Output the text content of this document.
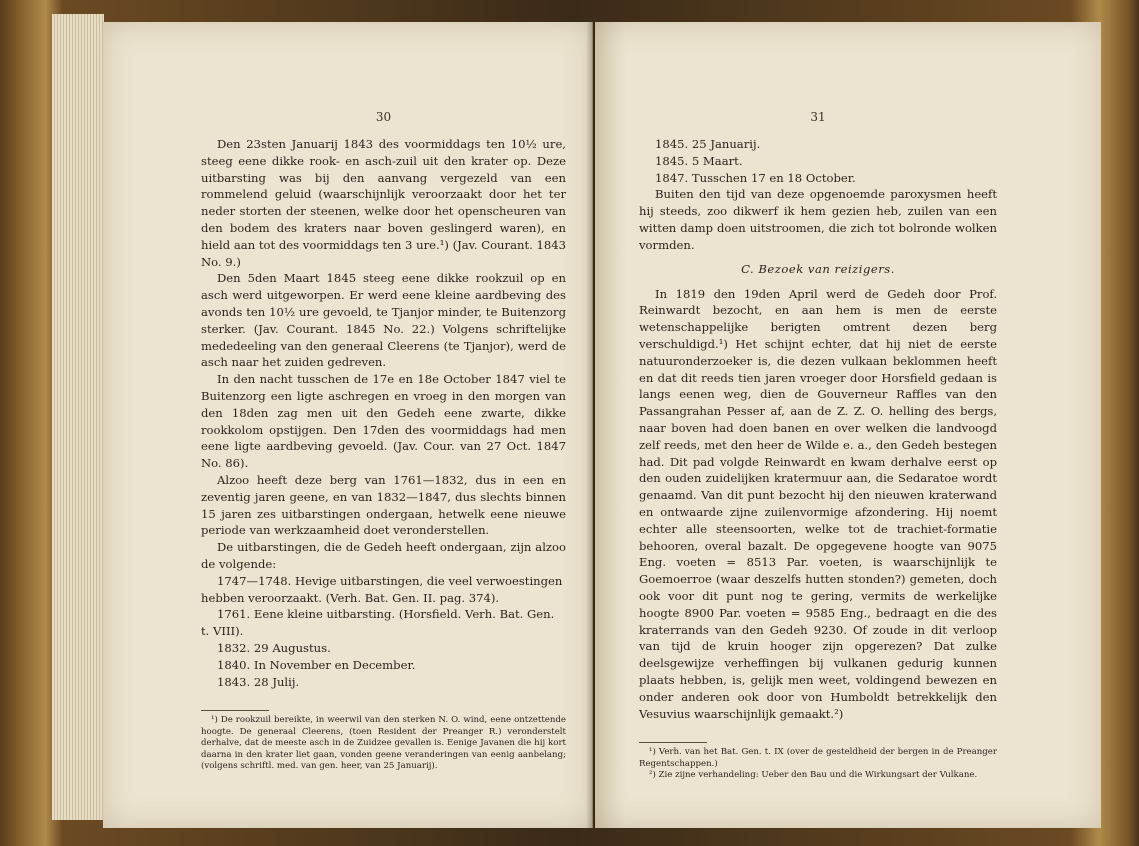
30

Den 23sten Januarij 1843 des voormiddags ten 10½ ure, steeg eene dikke rook- en asch-zuil uit den krater op. Deze uitbarsting was bij den aanvang vergezeld van een rommelend geluid (waarschijnlijk veroorzaakt door het ter neder storten der steenen, welke door het openscheuren van den bodem des kraters naar boven geslingerd waren), en hield aan tot des voormiddags ten 3 ure.¹) (Jav. Courant. 1843 No. 9.)

Den 5den Maart 1845 steeg eene dikke rookzuil op en asch werd uitgeworpen. Er werd eene kleine aardbeving des avonds ten 10½ ure gevoeld, te Tjanjor minder, te Buitenzorg sterker. (Jav. Courant. 1845 No. 22.) Volgens schriftelijke mededeeling van den generaal Cleerens (te Tjanjor), werd de asch naar het zuiden gedreven.

In den nacht tusschen de 17e en 18e October 1847 viel te Buitenzorg een ligte aschregen en vroeg in den morgen van den 18den zag men uit den Gedeh eene zwarte, dikke rookkolom opstijgen. Den 17den des voormiddags had men eene ligte aardbeving gevoeld. (Jav. Cour. van 27 Oct. 1847 No. 86).

Alzoo heeft deze berg van 1761—1832, dus in een en zeventig jaren geene, en van 1832—1847, dus slechts binnen 15 jaren zes uitbarstingen ondergaan, hetwelk eene nieuwe periode van werkzaamheid doet veronderstellen.

De uitbarstingen, die de Gedeh heeft ondergaan, zijn alzoo de volgende:

1747—1748. Hevige uitbarstingen, die veel verwoestingen hebben veroorzaakt. (Verh. Bat. Gen. II. pag. 374).

1761. Eene kleine uitbarsting. (Horsfield. Verh. Bat. Gen. t. VIII).

1832. 29 Augustus.

1840. In November en December.

1843. 28 Julij.

¹) De rookzuil bereikte, in weerwil van den sterken N. O. wind, eene ontzettende hoogte. De generaal Cleerens, (toen Resident der Preanger R.) veronderstelt derhalve, dat de meeste asch in de Zuidzee gevallen is. Eenige Javanen die hij kort daarna in den krater liet gaan, vonden geene veranderingen van eenig aanbelang; (volgens schriftl. med. van gen. heer, van 25 Januarij).

31

1845. 25 Januarij.

1845. 5 Maart.

1847. Tusschen 17 en 18 October.

Buiten den tijd van deze opgenoemde paroxysmen heeft hij steeds, zoo dikwerf ik hem gezien heb, zuilen van een witten damp doen uitstroomen, die zich tot bolronde wolken vormden.

C. Bezoek van reizigers.

In 1819 den 19den April werd de Gedeh door Prof. Reinwardt bezocht, en aan hem is men de eerste wetenschappelijke berigten omtrent dezen berg verschuldigd.¹) Het schijnt echter, dat hij niet de eerste natuuronderzoeker is, die dezen vulkaan beklommen heeft en dat dit reeds tien jaren vroeger door Horsfield gedaan is langs eenen weg, dien de Gouverneur Raffles van den Passangrahan Pesser af, aan de Z. Z. O. helling des bergs, naar boven had doen banen en over welken die landvoogd zelf reeds, met den heer de Wilde e. a., den Gedeh bestegen had. Dit pad volgde Reinwardt en kwam derhalve eerst op den ouden zuidelijken kratermuur aan, die Sedaratoe wordt genaamd. Van dit punt bezocht hij den nieuwen kraterwand en ontwaarde zijne zuilenvormige afzondering. Hij noemt echter alle steensoorten, welke tot de trachiet-formatie behooren, overal bazalt. De opgegevene hoogte van 9075 Eng. voeten = 8513 Par. voeten, is waarschijnlijk te Goemoerroe (waar deszelfs hutten stonden?) gemeten, doch ook voor dit punt nog te gering, vermits de werkelijke hoogte 8900 Par. voeten = 9585 Eng., bedraagt en die des kraterrands van den Gedeh 9230. Of zoude in dit verloop van tijd de kruin hooger zijn opgerezen? Dat zulke deelsgewijze verheffingen bij vulkanen gedurig kunnen plaats hebben, is, gelijk men weet, voldingend bewezen en onder anderen ook door von Humboldt betrekkelijk den Vesuvius waarschijnlijk gemaakt.²)

¹) Verh. van het Bat. Gen. t. IX (over de gesteldheid der bergen in de Preanger Regentschappen.)

²) Zie zijne verhandeling: Ueber den Bau und die Wirkungsart der Vulkane.
